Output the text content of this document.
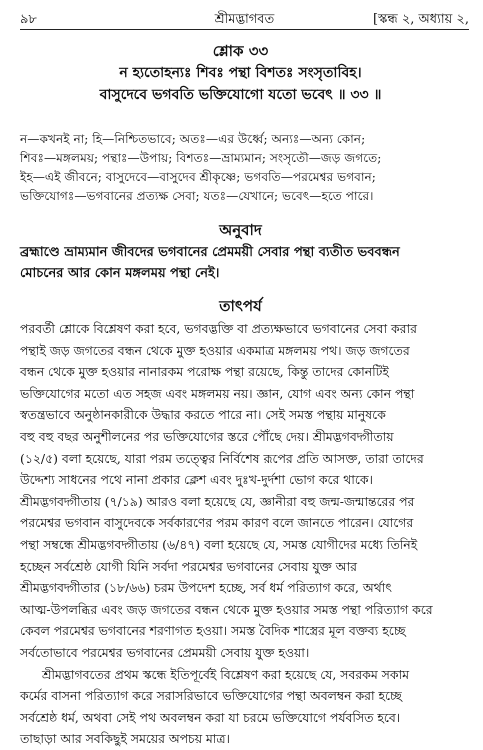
৯৮	শ্রীমদ্ভাগবত	[স্কন্ধ ২, অধ্যায় ২,
শ্লোক ৩৩
ন হ্যতোহন্যঃ শিবঃ পন্থা বিশতঃ সংসৃতাবিহ।
বাসুদেবে ভগবতি ভক্তিযোগো যতো ভবেৎ ॥ ৩৩ ॥
ন—কখনই না; হি—নিশ্চিতভাবে; অতঃ—এর উর্ধ্বে; অন্যঃ—অন্য কোন;
শিবঃ—মঙ্গলময়; পন্থাঃ—উপায়; বিশতঃ—ভ্রাম্যমান; সংসৃতৌ—জড় জগতে;
ইহ—এই জীবনে; বাসুদেবে—বাসুদেব শ্রীকৃষ্ণে; ভগবতি—পরমেশ্বর ভগবান;
ভক্তিযোগঃ—ভগবানের প্রত্যক্ষ সেবা; যতঃ—যেখানে; ভবেৎ—হতে পারে।
অনুবাদ
ব্রহ্মাণ্ডে ভ্রাম্যমান জীবদের ভগবানের প্রেমময়ী সেবার পন্থা ব্যতীত ভববন্ধন
মোচনের আর কোন মঙ্গলময় পন্থা নেই।
তাৎপর্য
পরবর্তী শ্লোকে বিশ্লেষণ করা হবে, ভগবদ্ভক্তি বা প্রত্যক্ষভাবে ভগবানের সেবা করার
পন্থাই জড় জগতের বন্ধন থেকে মুক্ত হওয়ার একমাত্র মঙ্গলময় পথ। জড় জগতের
বন্ধন থেকে মুক্ত হওয়ার নানারকম পরোক্ষ পন্থা রয়েছে, কিন্তু তাদের কোনটিই
ভক্তিযোগের মতো এত সহজ এবং মঙ্গলময় নয়। জ্ঞান, যোগ এবং অন্য কোন পন্থা
স্বতন্ত্রভাবে অনুষ্ঠানকারীকে উদ্ধার করতে পারে না। সেই সমস্ত পন্থায় মানুষকে
বহু বহু বছর অনুশীলনের পর ভক্তিযোগের স্তরে পৌঁছে দেয়। শ্রীমদ্ভগবদ্গীতায়
(১২/৫) বলা হয়েছে, যারা পরম তত্ত্বের নির্বিশেষ রূপের প্রতি আসক্ত, তারা তাদের
উদ্দেশ্য সাধনের পথে নানা প্রকার ক্লেশ এবং দুঃখ-দুর্দশা ভোগ করে থাকে।
শ্রীমদ্ভগবদ্গীতায় (৭/১৯) আরও বলা হয়েছে যে, জ্ঞানীরা বহু জন্ম-জন্মান্তরের পর
পরমেশ্বর ভগবান বাসুদেবকে সর্বকারণের পরম কারণ বলে জানতে পারেন। যোগের
পন্থা সম্বন্ধে শ্রীমদ্ভগবদ্গীতায় (৬/৪৭) বলা হয়েছে যে, সমস্ত যোগীদের মধ্যে তিনিই
হচ্ছেন সর্বশ্রেষ্ঠ যোগী যিনি সর্বদা পরমেশ্বর ভগবানের সেবায় যুক্ত আর
শ্রীমদ্ভগবদ্গীতার (১৮/৬৬) চরম উপদেশ হচ্ছে, সর্ব ধর্ম পরিত্যাগ করে, অর্থাৎ
আত্ম-উপলব্ধির এবং জড় জগতের বন্ধন থেকে মুক্ত হওয়ার সমস্ত পন্থা পরিত্যাগ করে
কেবল পরমেশ্বর ভগবানের শরণাগত হওয়া। সমস্ত বৈদিক শাস্ত্রের মূল বক্তব্য হচ্ছে
সর্বতোভাবে পরমেশ্বর ভগবানের প্রেমময়ী সেবায় যুক্ত হওয়া।
শ্রীমদ্ভাগবতের প্রথম স্কন্ধে ইতিপূর্বেই বিশ্লেষণ করা হয়েছে যে, সবরকম সকাম
কর্মের বাসনা পরিত্যাগ করে সরাসরিভাবে ভক্তিযোগের পন্থা অবলম্বন করা হচ্ছে
সর্বশ্রেষ্ঠ ধর্ম, অথবা সেই পথ অবলম্বন করা যা চরমে ভক্তিযোগে পর্যবসিত হবে।
তাছাড়া আর সবকিছুই সময়ের অপচয় মাত্র।
